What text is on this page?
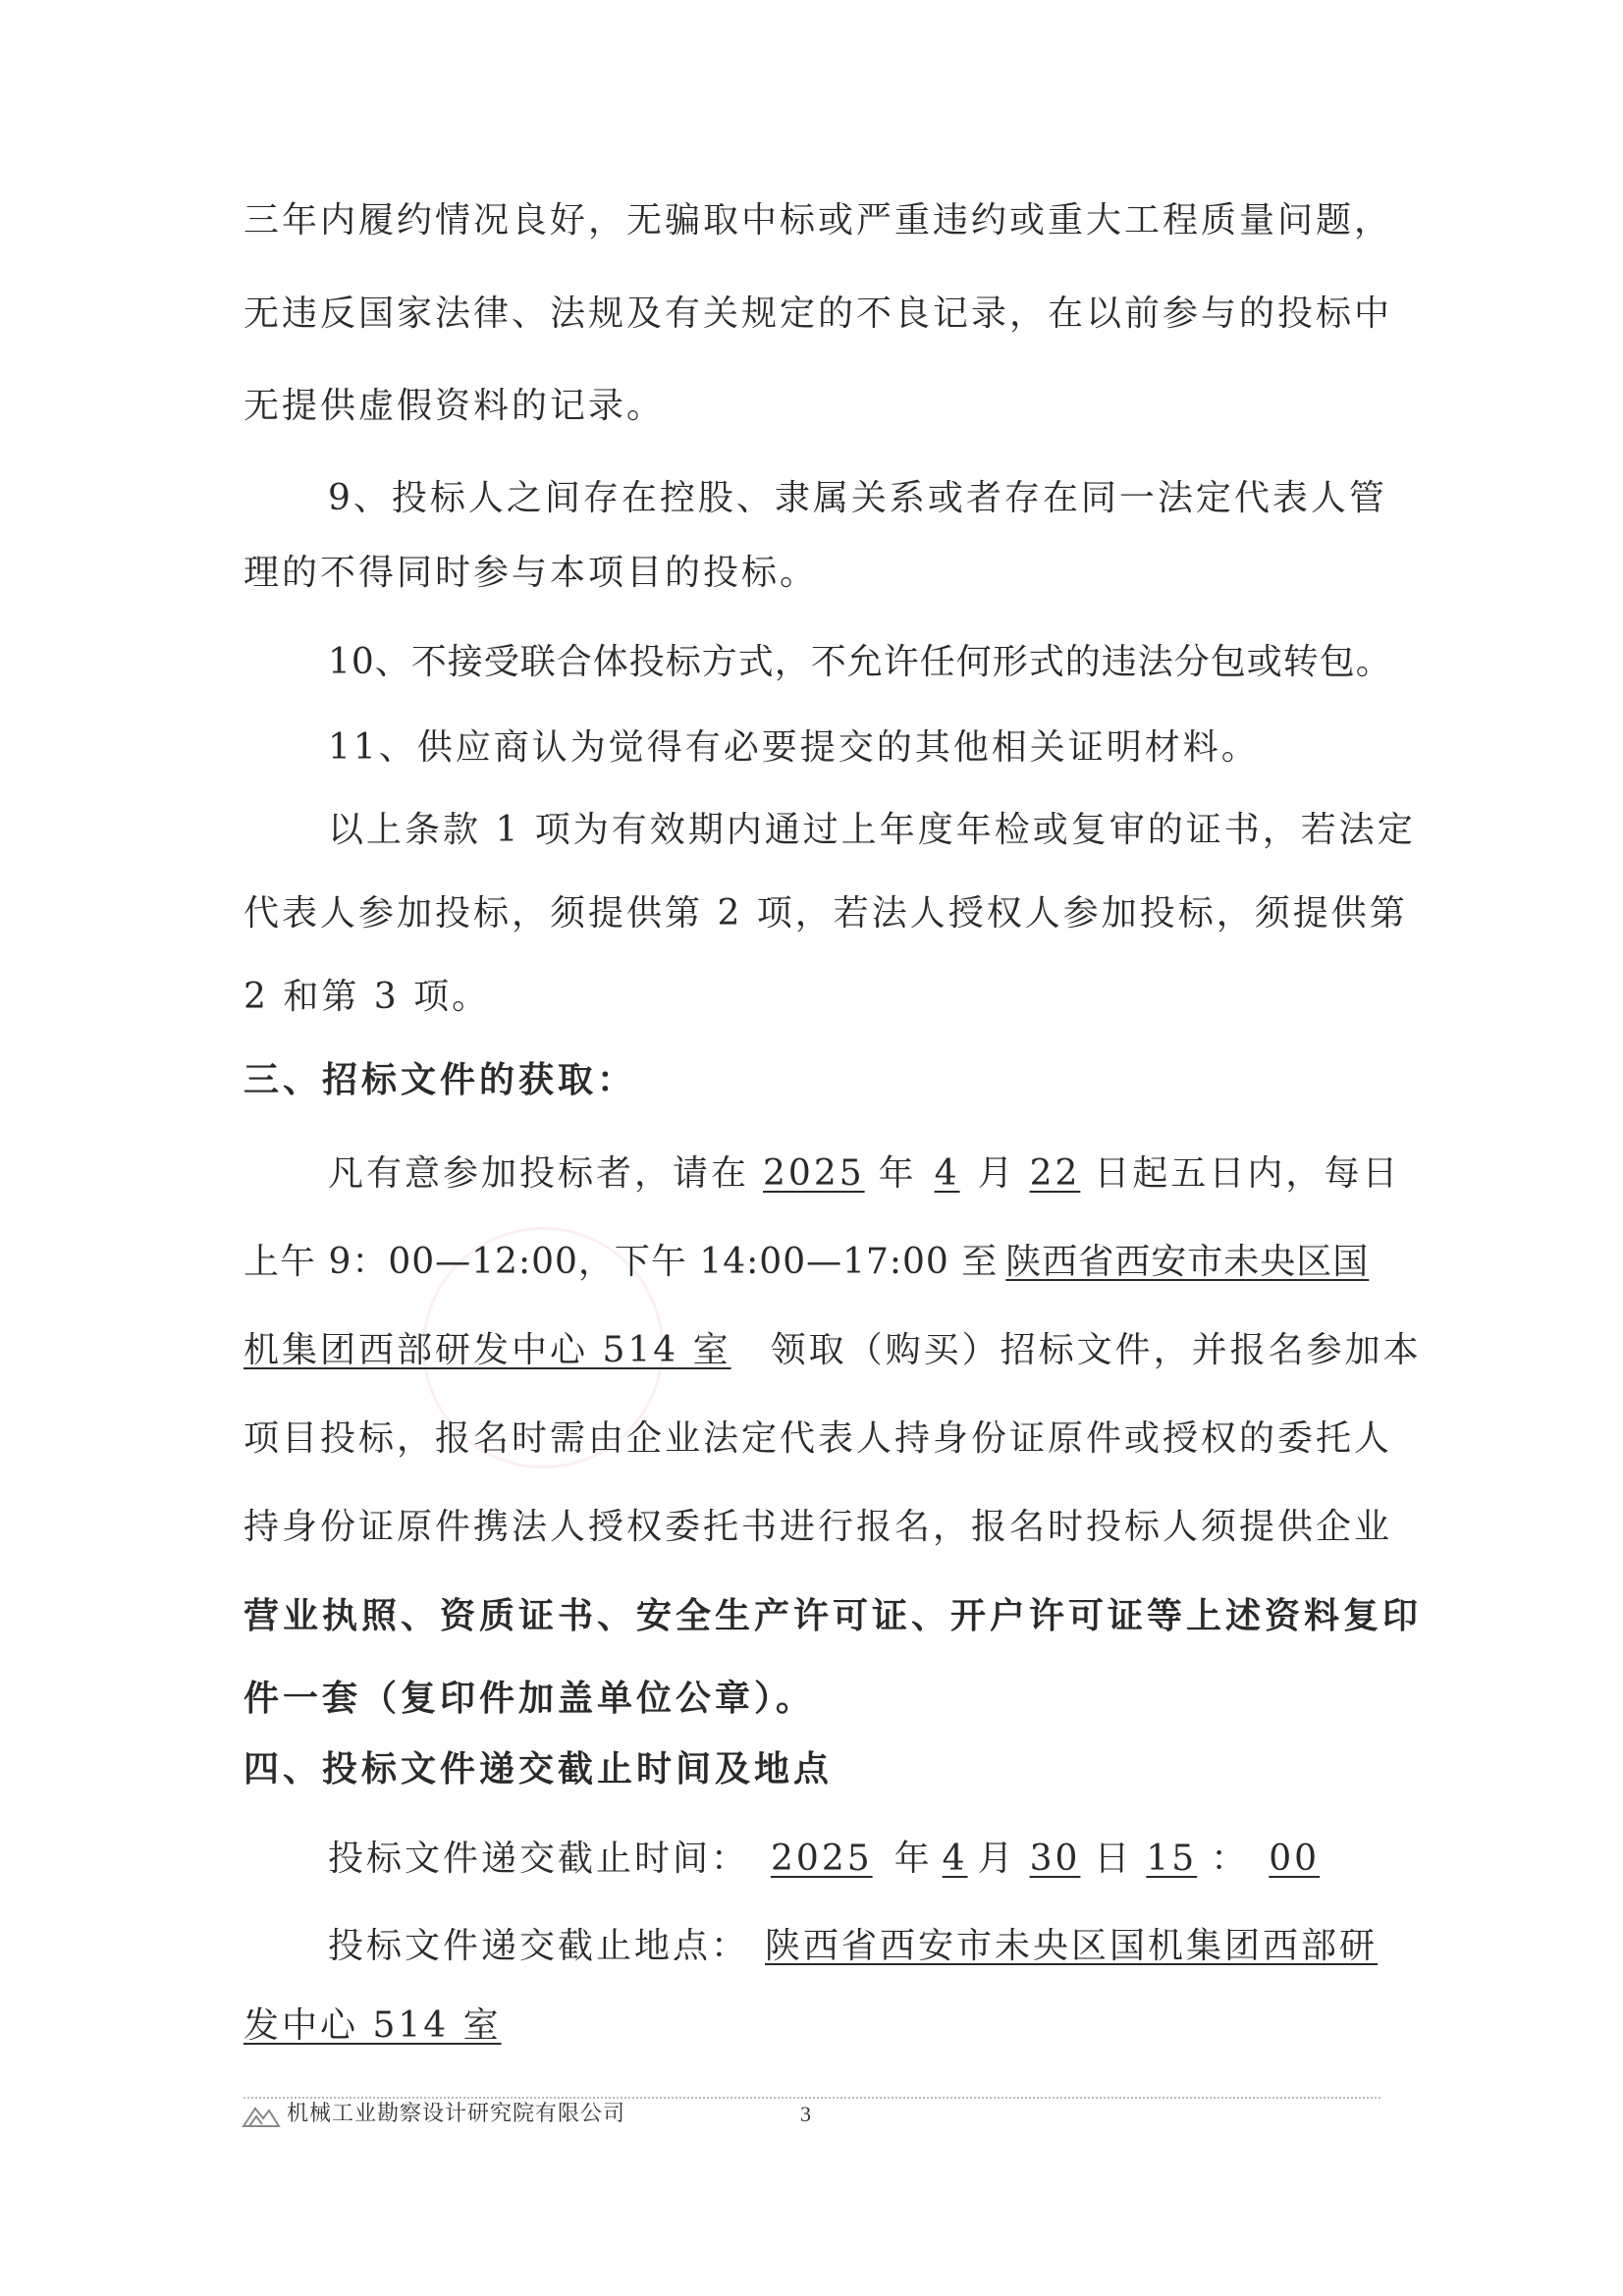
三年内履约情况良好，无骗取中标或严重违约或重大工程质量问题，
无违反国家法律、法规及有关规定的不良记录，在以前参与的投标中
无提供虚假资料的记录。
9、投标人之间存在控股、隶属关系或者存在同一法定代表人管
理的不得同时参与本项目的投标。
10、不接受联合体投标方式，不允许任何形式的违法分包或转包。
11、供应商认为觉得有必要提交的其他相关证明材料。
以上条款 1 项为有效期内通过上年度年检或复审的证书，若法定
代表人参加投标，须提供第 2 项，若法人授权人参加投标，须提供第
2 和第 3 项。
三、招标文件的获取：
凡有意参加投标者，请在 2025 年 4 月 22 日起五日内，每日
上午 9：00—12:00，下午 14:00—17:00 至 陕西省西安市未央区国
机集团西部研发中心 514 室 领取（购买）招标文件，并报名参加本
项目投标，报名时需由企业法定代表人持身份证原件或授权的委托人
持身份证原件携法人授权委托书进行报名，报名时投标人须提供企业
营业执照、资质证书、安全生产许可证、开户许可证等上述资料复印
件一套（复印件加盖单位公章）。
四、投标文件递交截止时间及地点
投标文件递交截止时间： 2025 年 4 月 30 日 15 ： 00
投标文件递交截止地点： 陕西省西安市未央区国机集团西部研
发中心 514 室
机械工业勘察设计研究院有限公司	3
